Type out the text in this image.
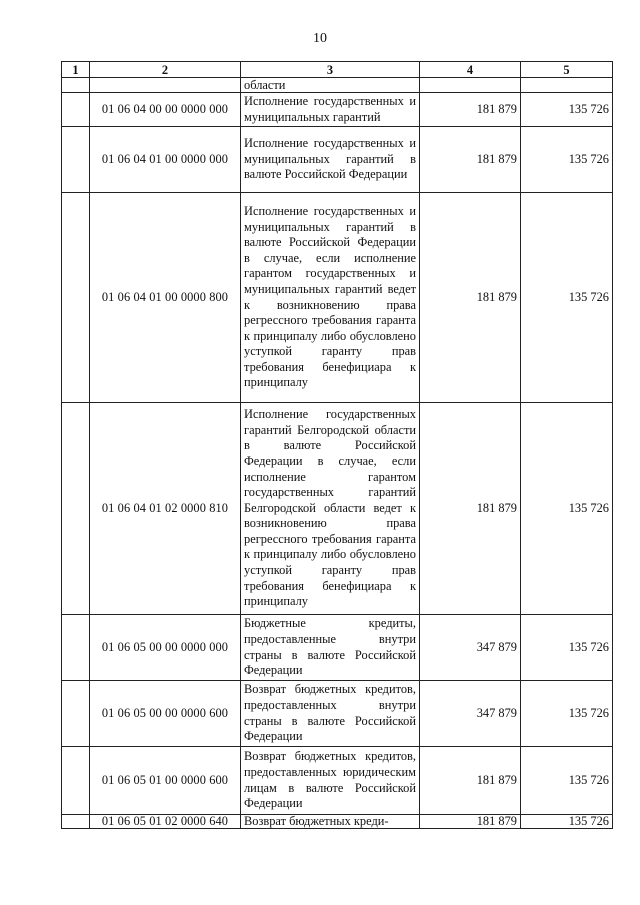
10
1	2	3	4	5
		области		
	01 06 04 00 00 0000 000	Исполнение государственных и муниципальных гарантий	181 879	135 726
	01 06 04 01 00 0000 000	Исполнение государственных и муниципальных гарантий в валюте Российской Федерации	181 879	135 726
	01 06 04 01 00 0000 800	Исполнение государственных и муниципальных гарантий в валюте Российской Федерации в случае, если исполнение гарантом государственных и муниципальных гарантий ведет к возникновению права регрессного требования гаранта к принципалу либо обусловлено уступкой гаранту прав требования бенефициара к принципалу	181 879	135 726
	01 06 04 01 02 0000 810	Исполнение государственных гарантий Белгородской области в валюте Российской Федерации в случае, если исполнение гарантом государственных гарантий Белгородской области ведет к возникновению права регрессного требования гаранта к принципалу либо обусловлено уступкой гаранту прав требования бенефициара к принципалу	181 879	135 726
	01 06 05 00 00 0000 000	Бюджетные кредиты, предоставленные внутри страны в валюте Российской Федерации	347 879	135 726
	01 06 05 00 00 0000 600	Возврат бюджетных кредитов, предоставленных внутри страны в валюте Российской Федерации	347 879	135 726
	01 06 05 01 00 0000 600	Возврат бюджетных кредитов, предоставленных юридическим лицам в валюте Российской Федерации	181 879	135 726
	01 06 05 01 02 0000 640	Возврат бюджетных креди-	181 879	135 726
